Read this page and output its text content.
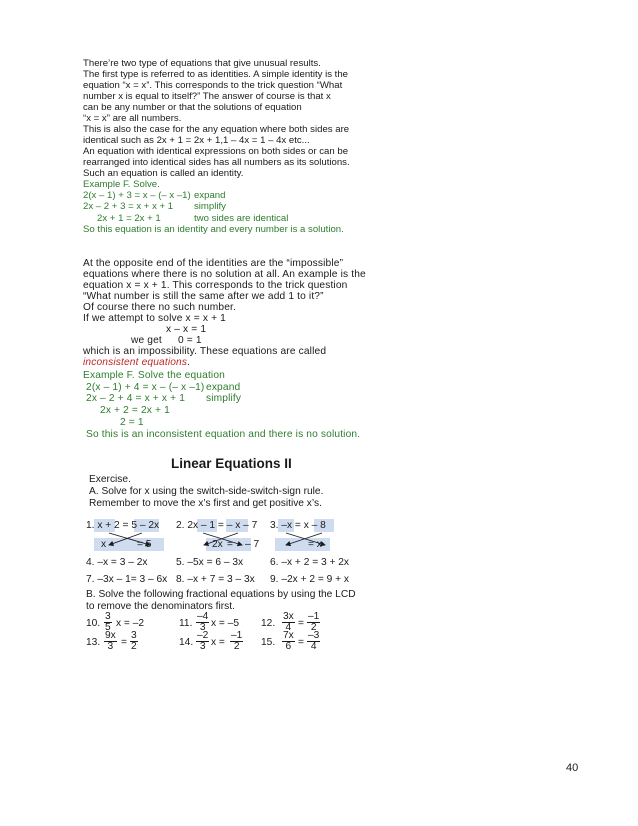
There’re two type of equations that give unusual results.
The first type is referred to as identities. A simple identity is the
equation “x = x”. This corresponds to the trick question “What
number x is equal to itself?” The answer of course is that x
can be any number or that the solutions of equation
“x = x” are all numbers.
This is also the case for the any equation where both sides are
identical such as 2x + 1 = 2x + 1,1 – 4x = 1 – 4x etc...
An equation with identical expressions on both sides or can be
rearranged into identical sides has all numbers as its solutions.
Such an equation is called an identity.
Example F. Solve.
2(x – 1) + 3 = x – (– x –1) expand
2x – 2 + 3 = x + x + 1 simplify
2x + 1 = 2x + 1	two sides are identical
So this equation is an identity and every number is a solution.
At the opposite end of the identities are the “impossible”
equations where there is no solution at all. An example is the
equation x = x + 1. This corresponds to the trick question
“What number is still the same after we add 1 to it?”
Of course there no such number.
If we attempt to solve x = x + 1
x – x = 1
we get 0 = 1
which is an impossibility. These equations are called
inconsistent equations.
Example F. Solve the equation
2(x – 1) + 4 = x – (– x –1) expand
2x – 2 + 4 = x + x + 1 simplify
2x + 2 = 2x + 1
2 = 1
So this is an inconsistent equation and there is no solution.
Linear Equations II
Exercise.
A. Solve for x using the switch-side-switch-sign rule.
Remember to move the x’s first and get positive x’s.
1. x + 2 = 5 – 2x 2. 2x – 1 = – x – 7 3. –x = x – 8
x	= 5	2x = – 7	= x
4. –x = 3 – 2x	5. –5x = 6 – 3x	6. –x + 2 = 3 + 2x
7. –3x – 1= 3 – 6x 8. –x + 7 = 3 – 3x 9. –2x + 2 = 9 + x
B. Solve the following fractional equations by using the LCD
to remove the denominators first.
10. $\frac{3}{5}$ x = –2	11. $\frac{-4}{3}$ x = –5 12. $\frac{3x}{4} = \frac{-1}{2}$
13. $\frac{9x}{3} = \frac{3}{2}$	14. $\frac{-2}{3}$ $x = \frac{-1}{2} 15$. $\frac{7x}{6} = \frac{-3}{4}$
40
